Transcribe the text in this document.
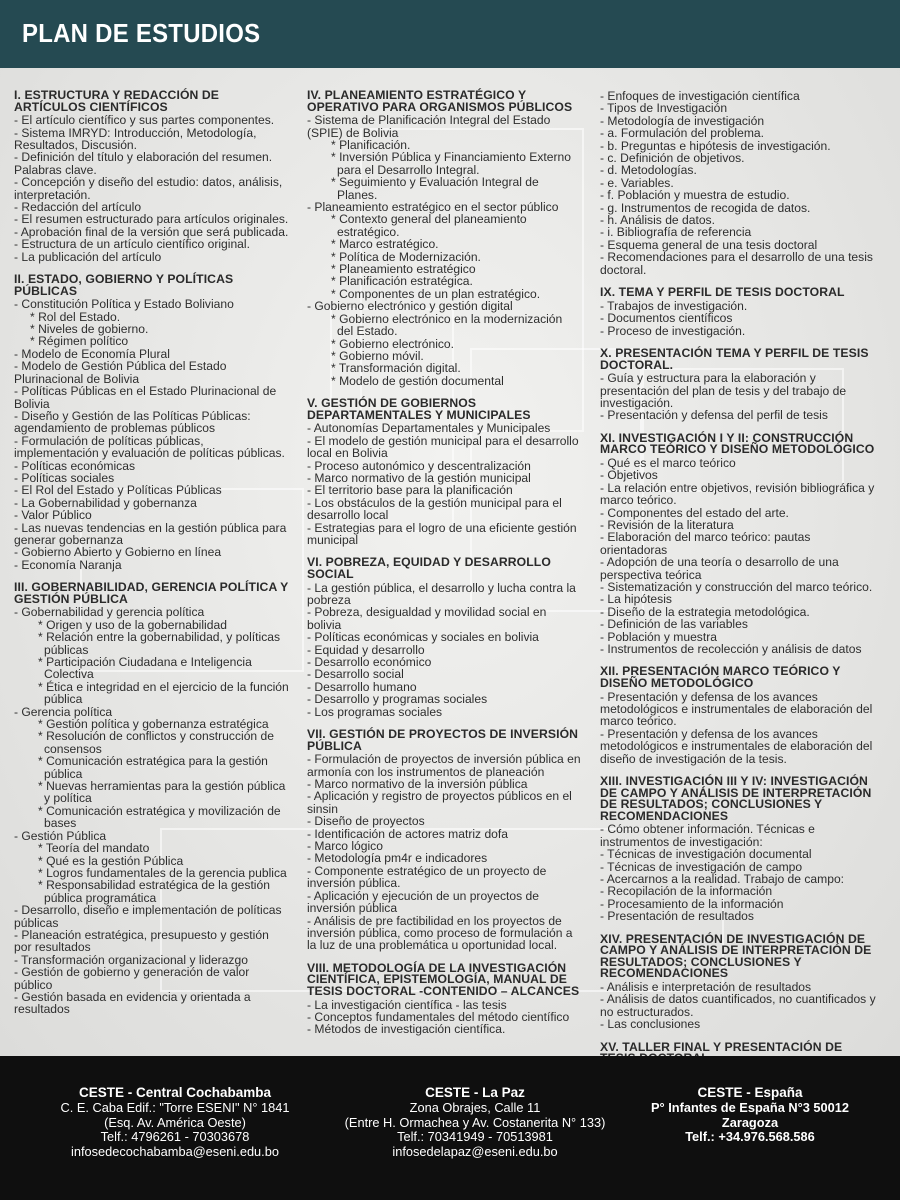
PLAN DE ESTUDIOS
I. ESTRUCTURA Y REDACCIÓN DE ARTÍCULOS CIENTÍFICOS
- El artículo científico y sus partes componentes.
- Sistema IMRYD: Introducción, Metodología, Resultados, Discusión.
- Definición del título y elaboración del resumen. Palabras clave.
- Concepción y diseño del estudio: datos, análisis, interpretación.
- Redacción del artículo
- El resumen estructurado para artículos originales.
- Aprobación final de la versión que será publicada.
- Estructura de un artículo científico original.
- La publicación del artículo
II. ESTADO, GOBIERNO Y POLÍTICAS PÚBLICAS
- Constitución Política y Estado Boliviano
* Rol del Estado.
* Niveles de gobierno.
* Régimen político
- Modelo de Economía Plural
- Modelo de Gestión Pública del Estado Plurinacional de Bolivia
- Políticas Públicas en el Estado Plurinacional de Bolivia
- Diseño y Gestión de las Políticas Públicas: agendamiento de problemas públicos
- Formulación de políticas públicas, implementación y evaluación de políticas públicas.
- Políticas económicas
- Políticas sociales
- El Rol del Estado y Políticas Públicas
- La Gobernabilidad y gobernanza
- Valor Público
- Las nuevas tendencias en la gestión pública para generar gobernanza
- Gobierno Abierto y Gobierno en línea
- Economía Naranja
III. GOBERNABILIDAD, GERENCIA POLÍTICA Y GESTIÓN PÚBLICA
- Gobernabilidad y gerencia política
* Origen y uso de la gobernabilidad
* Relación entre la gobernabilidad, y políticas públicas
* Participación Ciudadana e Inteligencia Colectiva
* Ética e integridad en el ejercicio de la función pública
- Gerencia política
* Gestión política y gobernanza estratégica
* Resolución de conflictos y construcción de consensos
* Comunicación estratégica para la gestión pública
* Nuevas herramientas para la gestión pública y política
* Comunicación estratégica y movilización de bases
- Gestión Pública
* Teoría del mandato
* Qué es la gestión Pública
* Logros fundamentales de la gerencia publica
* Responsabilidad estratégica de la gestión pública programática
- Desarrollo, diseño e implementación de políticas públicas
- Planeación estratégica, presupuesto y gestión por resultados
- Transformación organizacional y liderazgo
- Gestión de gobierno y generación de valor público
- Gestión basada en evidencia y orientada a resultados
IV. PLANEAMIENTO ESTRATÉGICO Y OPERATIVO PARA ORGANISMOS PÚBLICOS
- Sistema de Planificación Integral del Estado (SPIE) de Bolivia
* Planificación.
* Inversión Pública y Financiamiento Externo para el Desarrollo Integral.
* Seguimiento y Evaluación Integral de Planes.
- Planeamiento estratégico en el sector público
* Contexto general del planeamiento estratégico.
* Marco estratégico.
* Política de Modernización.
* Planeamiento estratégico
* Planificación estratégica.
* Componentes de un plan estratégico.
- Gobierno electrónico y gestión digital
* Gobierno electrónico en la modernización del Estado.
* Gobierno electrónico.
* Gobierno móvil.
* Transformación digital.
* Modelo de gestión documental
V. GESTIÓN DE GOBIERNOS DEPARTAMENTALES Y MUNICIPALES
- Autonomías Departamentales y Municipales
- El modelo de gestión municipal para el desarrollo local en Bolivia
- Proceso autonómico y descentralización
- Marco normativo de la gestión municipal
- El territorio base para la planificación
- Los obstáculos de la gestión municipal para el desarrollo local
- Estrategias para el logro de una eficiente gestión municipal
VI. POBREZA, EQUIDAD Y DESARROLLO SOCIAL
- La gestión pública, el desarrollo y lucha contra la pobreza
- Pobreza, desigualdad y movilidad social en bolivia
- Políticas económicas y sociales en bolivia
- Equidad y desarrollo
- Desarrollo económico
- Desarrollo social
- Desarrollo humano
- Desarrollo y programas sociales
- Los programas sociales
VII. GESTIÓN DE PROYECTOS DE INVERSIÓN PÚBLICA
- Formulación de proyectos de inversión pública en armonía con los instrumentos de planeación
- Marco normativo de la inversión pública
- Aplicación y registro de proyectos públicos en el sinsin
- Diseño de proyectos
- Identificación de actores matriz dofa
- Marco lógico
- Metodología pm4r e indicadores
- Componente estratégico de un proyecto de inversión pública.
- Aplicación y ejecución de un proyectos de inversión pública
- Análisis de pre factibilidad en los proyectos de inversión pública, como proceso de formulación a la luz de una problemática u oportunidad local.
VIII. METODOLOGÍA DE LA INVESTIGACIÓN CIENTÍFICA, EPISTEMOLOGÍA, MANUAL DE TESIS DOCTORAL -CONTENIDO – ALCANCES
- La investigación científica - las tesis
- Conceptos fundamentales del método científico
- Métodos de investigación científica.
- Enfoques de investigación científica
- Tipos de Investigación
- Metodología de investigación
- a. Formulación del problema.
- b. Preguntas e hipótesis de investigación.
- c. Definición de objetivos.
- d. Metodologías.
- e. Variables.
- f. Población y muestra de estudio.
- g. Instrumentos de recogida de datos.
- h. Análisis de datos.
- i. Bibliografía de referencia
- Esquema general de una tesis doctoral
- Recomendaciones para el desarrollo de una tesis doctoral.
IX. TEMA Y PERFIL DE TESIS DOCTORAL
- Trabajos de investigación.
- Documentos científicos
- Proceso de investigación.
X. PRESENTACIÓN TEMA Y PERFIL DE TESIS DOCTORAL.
- Guía y estructura para la elaboración y presentación del plan de tesis y del trabajo de investigación.
- Presentación y defensa del perfil de tesis
XI. INVESTIGACIÓN I Y II: CONSTRUCCIÓN MARCO TEÓRICO Y DISEÑO METODOLÓGICO
- Qué es el marco teórico
- Objetivos
- La relación entre objetivos, revisión bibliográfica y marco teórico.
- Componentes del estado del arte.
- Revisión de la literatura
- Elaboración del marco teórico: pautas orientadoras
- Adopción de una teoría o desarrollo de una perspectiva teórica
- Sistematización y construcción del marco teórico.
- La hipótesis
- Diseño de la estrategia metodológica.
- Definición de las variables
- Población y muestra
- Instrumentos de recolección y análisis de datos
XII. PRESENTACIÓN MARCO TEÓRICO Y DISEÑO METODOLÓGICO
- Presentación y defensa de los avances metodológicos e instrumentales de elaboración del marco teórico.
- Presentación y defensa de los avances metodológicos e instrumentales de elaboración del diseño de investigación de la tesis.
XIII. INVESTIGACIÓN III Y IV: INVESTIGACIÓN DE CAMPO Y ANÁLISIS DE INTERPRETACIÓN DE RESULTADOS; CONCLUSIONES Y RECOMENDACIONES
- Cómo obtener información. Técnicas e instrumentos de investigación:
- Técnicas de investigación documental
- Técnicas de investigación de campo
- Acercarnos a la realidad. Trabajo de campo:
- Recopilación de la información
- Procesamiento de la información
- Presentación de resultados
XIV. PRESENTACIÓN DE INVESTIGACIÓN DE CAMPO Y ANÁLISIS DE INTERPRETACIÓN DE RESULTADOS; CONCLUSIONES Y RECOMENDACIONES
- Análisis e interpretación de resultados
- Análisis de datos cuantificados, no cuantificados y no estructurados.
- Las conclusiones
XV. TALLER FINAL Y PRESENTACIÓN DE
CESTE - Central Cochabamba
C. E. Caba Edif.: "Torre ESENI" N° 1841
(Esq. Av. América Oeste)
Telf.: 4796261 - 70303678
infosedecochabamba@eseni.edu.bo
CESTE - La Paz
Zona Obrajes, Calle 11
(Entre H. Ormachea y Av. Costanerita N° 133)
Telf.: 70341949 - 70513981
infosedelapaz@eseni.edu.bo
CESTE - España
P° Infantes de España N°3 50012
Zaragoza
Telf.: +34.976.568.586
